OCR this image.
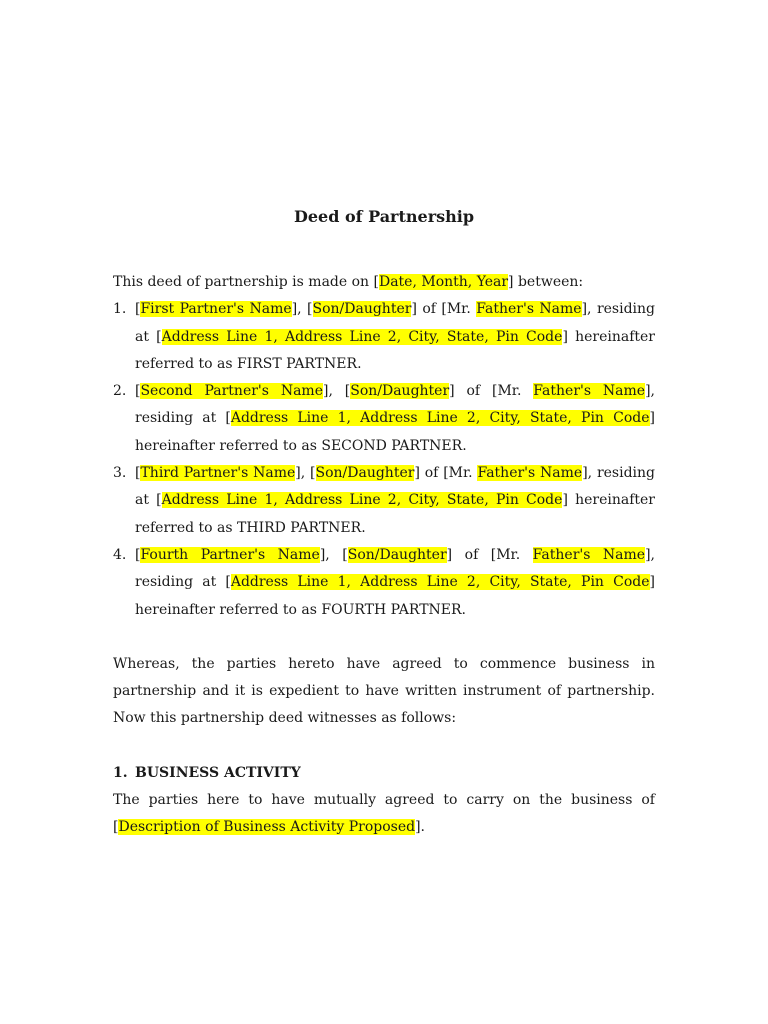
Deed of Partnership

This deed of partnership is made on [Date, Month, Year] between:

1. [First Partner's Name], [Son/Daughter] of [Mr. Father's Name], residing at [Address Line 1, Address Line 2, City, State, Pin Code] hereinafter referred to as FIRST PARTNER.
2. [Second Partner's Name], [Son/Daughter] of [Mr. Father's Name], residing at [Address Line 1, Address Line 2, City, State, Pin Code] hereinafter referred to as SECOND PARTNER.
3. [Third Partner's Name], [Son/Daughter] of [Mr. Father's Name], residing at [Address Line 1, Address Line 2, City, State, Pin Code] hereinafter referred to as THIRD PARTNER.
4. [Fourth Partner's Name], [Son/Daughter] of [Mr. Father's Name], residing at [Address Line 1, Address Line 2, City, State, Pin Code] hereinafter referred to as FOURTH PARTNER.

Whereas, the parties hereto have agreed to commence business in partnership and it is expedient to have written instrument of partnership. Now this partnership deed witnesses as follows:

1. BUSINESS ACTIVITY

The parties here to have mutually agreed to carry on the business of [Description of Business Activity Proposed].
